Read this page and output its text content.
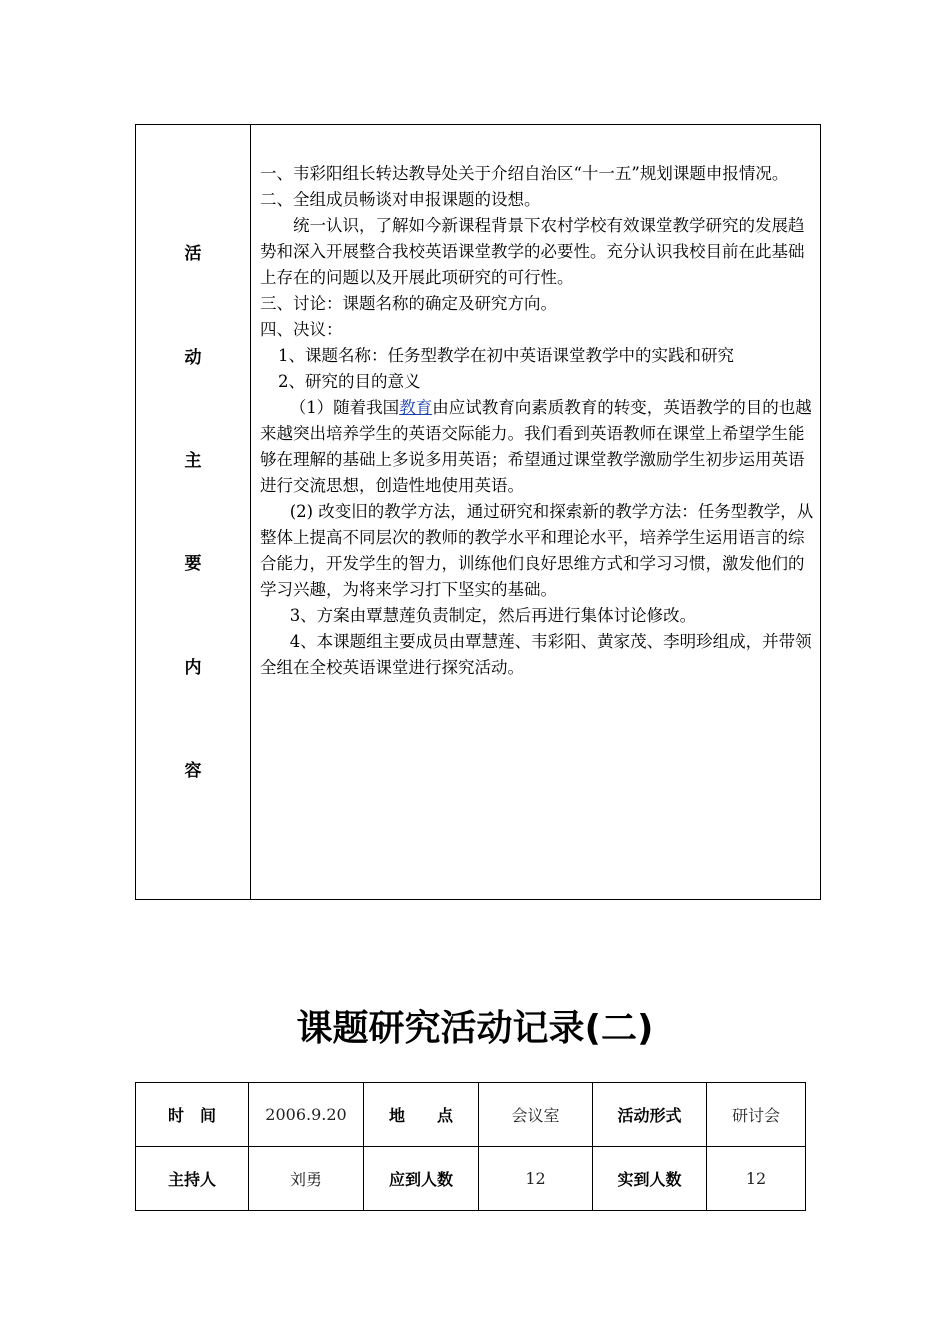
活
动
主
要
内
容

一、韦彩阳组长转达教导处关于介绍自治区“十一五”规划课题申报情况。

二、全组成员畅谈对申报课题的设想。

统一认识，了解如今新课程背景下农村学校有效课堂教学研究的发展趋势和深入开展整合我校英语课堂教学的必要性。充分认识我校目前在此基础上存在的问题以及开展此项研究的可行性。

三、讨论：课题名称的确定及研究方向。

四、决议：

1、课题名称：任务型教学在初中英语课堂教学中的实践和研究

2、研究的目的意义

（1）随着我国教育由应试教育向素质教育的转变，英语教学的目的也越来越突出培养学生的英语交际能力。我们看到英语教师在课堂上希望学生能够在理解的基础上多说多用英语；希望通过课堂教学激励学生初步运用英语进行交流思想，创造性地使用英语。

(2) 改变旧的教学方法，通过研究和探索新的教学方法：任务型教学，从整体上提高不同层次的教师的教学水平和理论水平，培养学生运用语言的综合能力，开发学生的智力，训练他们良好思维方式和学习习惯，激发他们的学习兴趣，为将来学习打下坚实的基础。

3、方案由覃慧莲负责制定，然后再进行集体讨论修改。

4、本课题组主要成员由覃慧莲、韦彩阳、黄家茂、李明珍组成，并带领全组在全校英语课堂进行探究活动。

课题研究活动记录(二)
时　间	2006.9.20	地　　点	会议室	活动形式	研讨会
主持人	刘勇	应到人数	12	实到人数	12
